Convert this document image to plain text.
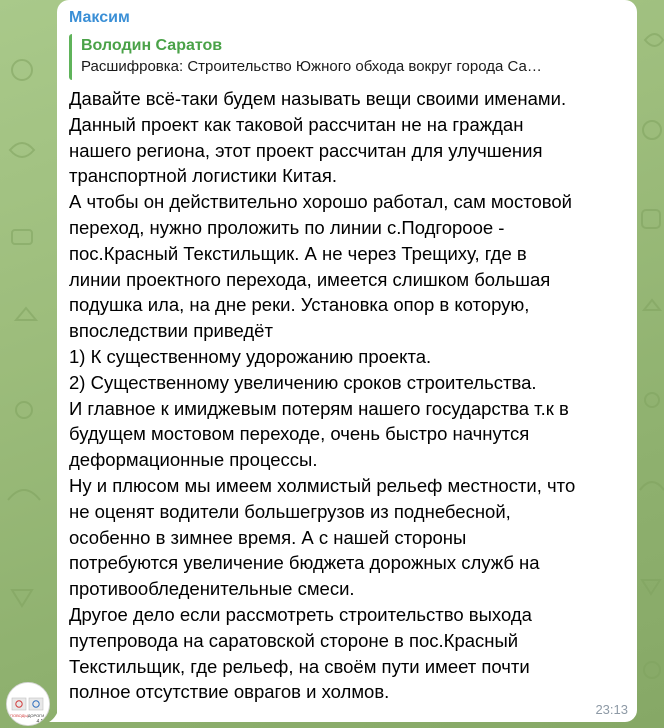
Максим
Володин Саратов
Расшифровка: Строительство Южного обхода вокруг города Са…
Давайте всё-таки будем называть вещи своими именами.
Данный проект как таковой рассчитан не на граждан
нашего региона, этот проект рассчитан для улучшения
транспортной логистики Китая.
А чтобы он действительно хорошо работал, сам мостовой
переход, нужно проложить по линии с.Подгороое -
пос.Красный Текстильщик. А не через Трещиху, где в
линии проектного перехода, имеется слишком большая
подушка ила, на дне реки. Установка опор в которую,
впоследствии приведёт
1) К существенному удорожанию проекта.
2) Существенному увеличению сроков строительства.
И главное к имиджевым потерям нашего государства т.к в
будущем мостовом переходе, очень быстро начнутся
деформационные процессы.
Ну и плюсом мы имеем холмистый рельеф местности, что
не оценят водители большегрузов из поднебесной,
особенно в зимнее время. А с нашей стороны
потребуются увеличение бюджета дорожных служб на
противообледенительные смеси.
Другое дело если рассмотреть строительство выхода
путепровода на саратовской стороне в пос.Красный
Текстильщик, где рельеф, на своём пути имеет почти
полное отсутствие оврагов и холмов.
23:13
ПОВОДЫ ДОРОГИ
4.5
